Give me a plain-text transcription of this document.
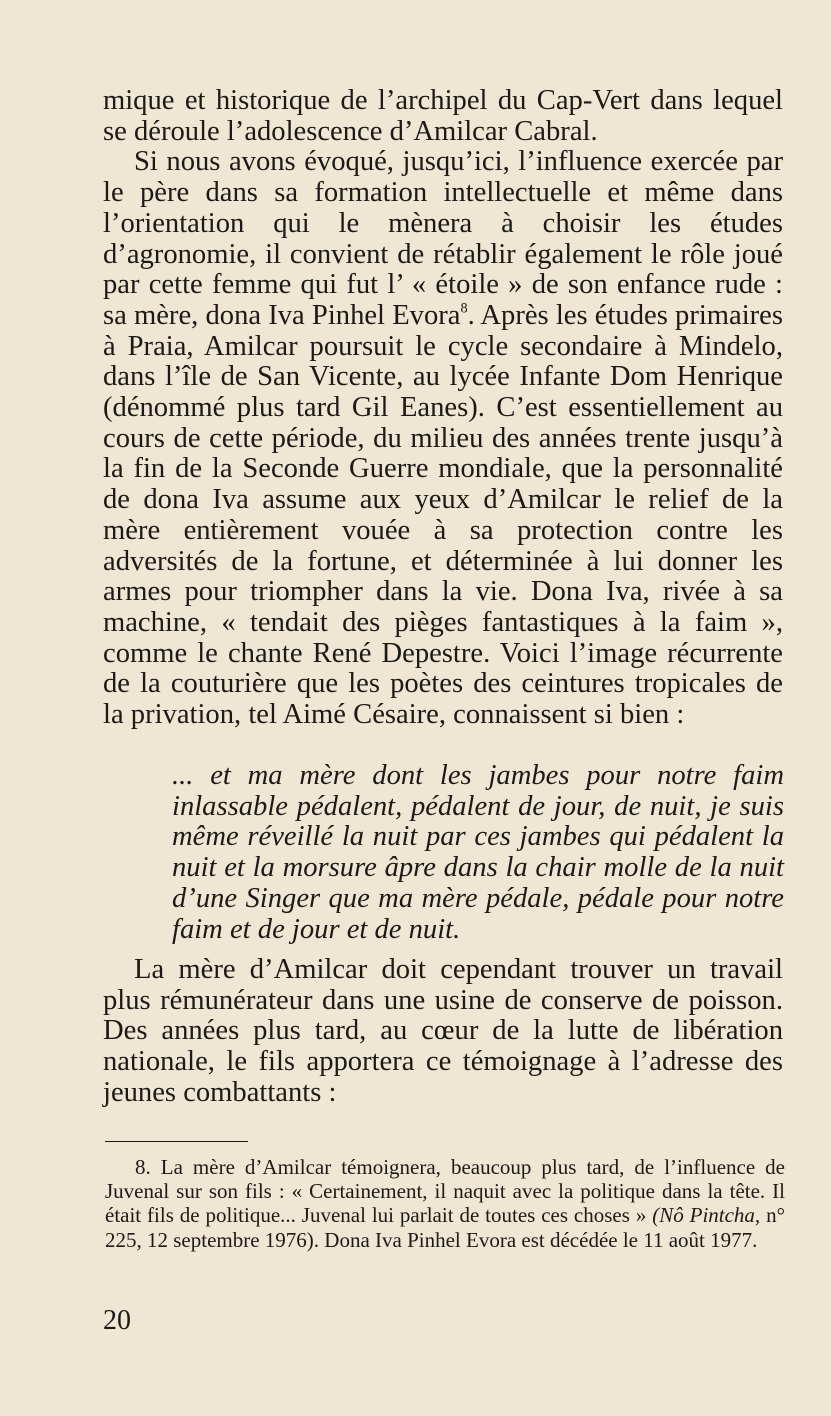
mique et historique de l’archipel du Cap-Vert dans lequel se déroule l’adolescence d’Amilcar Cabral.

Si nous avons évoqué, jusqu’ici, l’influence exercée par le père dans sa formation intellectuelle et même dans l’orientation qui le mènera à choisir les études d’agronomie, il convient de rétablir également le rôle joué par cette femme qui fut l’ « étoile » de son enfance rude : sa mère, dona Iva Pinhel Evora$^8$. Après les études primaires à Praia, Amilcar poursuit le cycle secondaire à Mindelo, dans l’île de San Vicente, au lycée Infante Dom Henrique (dénommé plus tard Gil Eanes). C’est essentiellement au cours de cette période, du milieu des années trente jusqu’à la fin de la Seconde Guerre mondiale, que la personnalité de dona Iva assume aux yeux d’Amilcar le relief de la mère entièrement vouée à sa protection contre les adversités de la fortune, et déterminée à lui donner les armes pour triompher dans la vie. Dona Iva, rivée à sa machine, « tendait des pièges fantastiques à la faim », comme le chante René Depestre. Voici l’image récurrente de la couturière que les poètes des ceintures tropicales de la privation, tel Aimé Césaire, connaissent si bien :

... et ma mère dont les jambes pour notre faim inlassable pédalent, pédalent de jour, de nuit, je suis même réveillé la nuit par ces jambes qui pédalent la nuit et la morsure âpre dans la chair molle de la nuit d’une Singer que ma mère pédale, pédale pour notre faim et de jour et de nuit.

La mère d’Amilcar doit cependant trouver un travail plus rémunérateur dans une usine de conserve de poisson. Des années plus tard, au cœur de la lutte de libération nationale, le fils apportera ce témoignage à l’adresse des jeunes combattants :

8. La mère d’Amilcar témoignera, beaucoup plus tard, de l’influence de Juvenal sur son fils : « Certainement, il naquit avec la politique dans la tête. Il était fils de politique... Juvenal lui parlait de toutes ces choses » (Nô Pintcha, n° 225, 12 septembre 1976). Dona Iva Pinhel Evora est décédée le 11 août 1977.

20
